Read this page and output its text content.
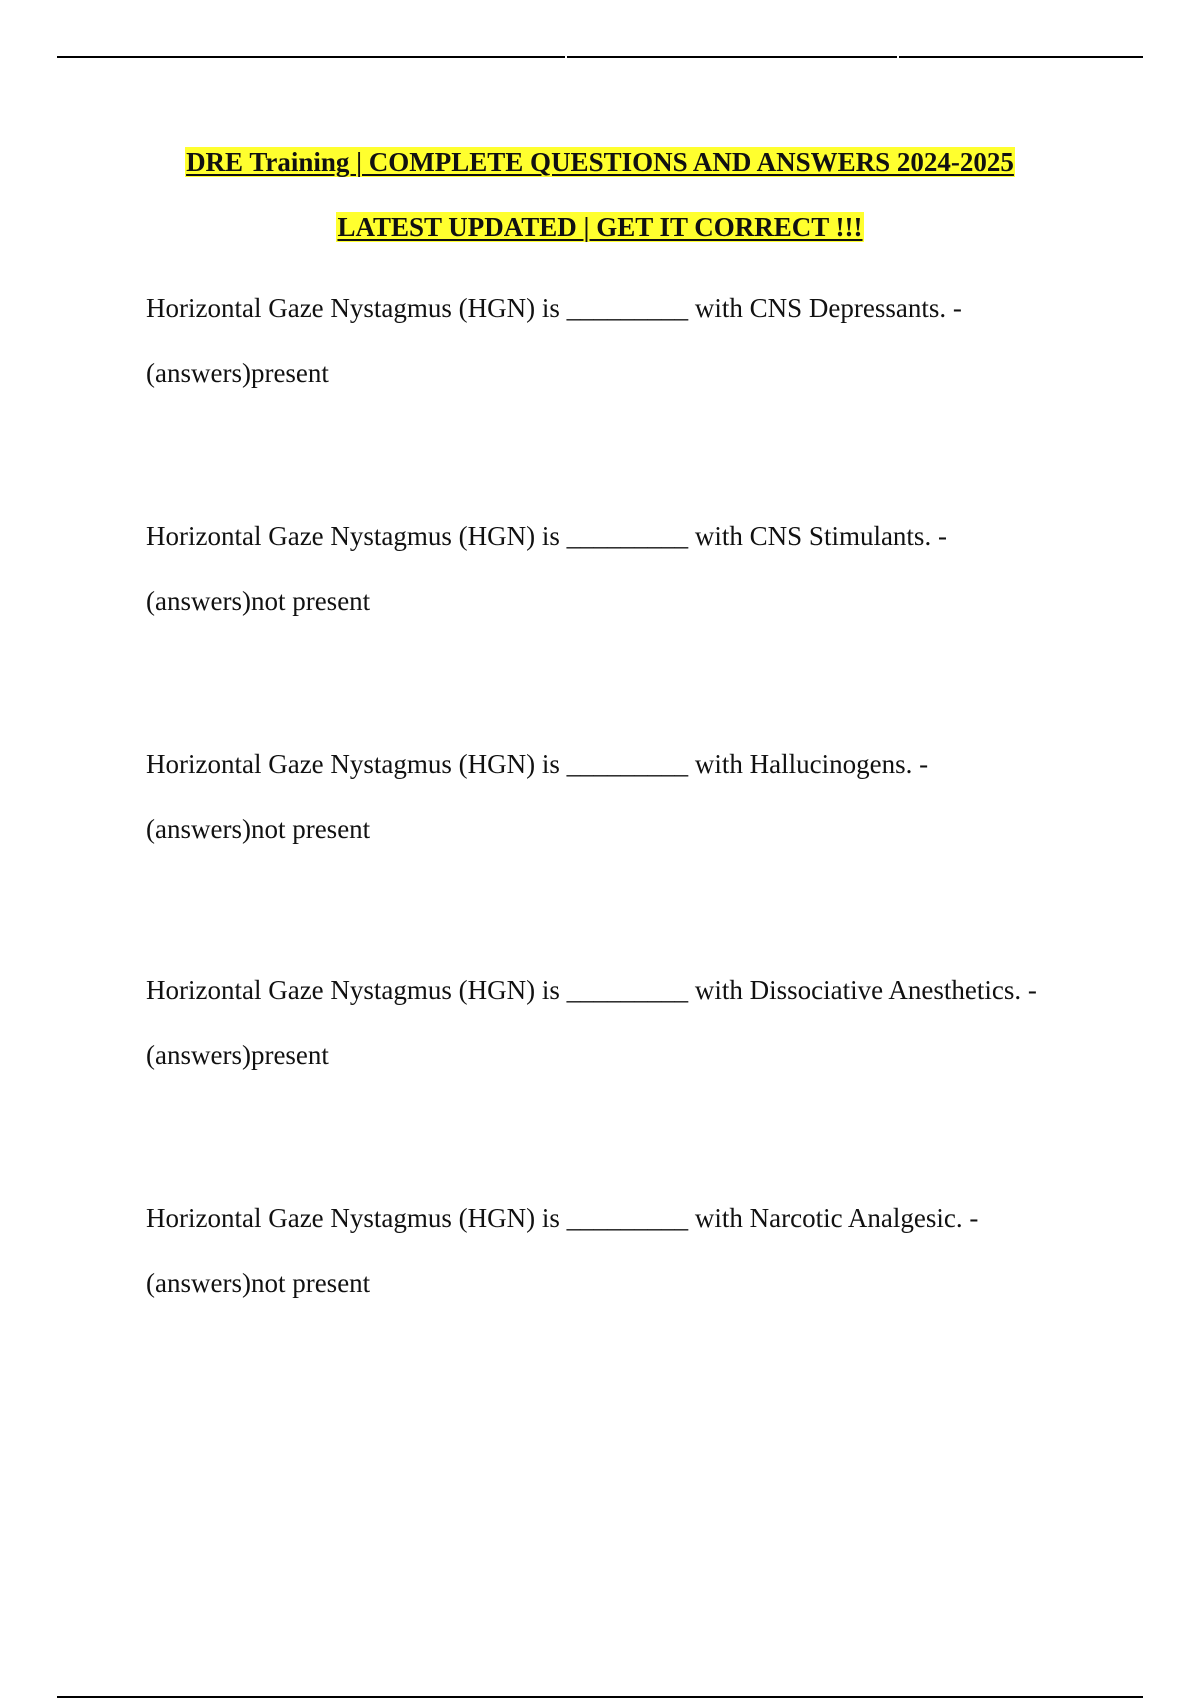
DRE Training | COMPLETE QUESTIONS AND ANSWERS 2024-2025
LATEST UPDATED | GET IT CORRECT !!!
Horizontal Gaze Nystagmus (HGN) is _________ with CNS Depressants. -
(answers)present
Horizontal Gaze Nystagmus (HGN) is _________ with CNS Stimulants. -
(answers)not present
Horizontal Gaze Nystagmus (HGN) is _________ with Hallucinogens. -
(answers)not present
Horizontal Gaze Nystagmus (HGN) is _________ with Dissociative Anesthetics. -
(answers)present
Horizontal Gaze Nystagmus (HGN) is _________ with Narcotic Analgesic. -
(answers)not present
